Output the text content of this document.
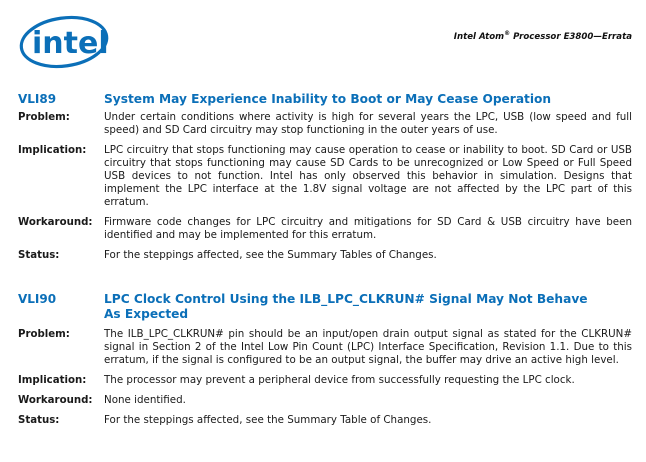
intel	Intel Atom® Processor E3800—Errata
VLI89	System May Experience Inability to Boot or May Cease Operation
Problem:	Under certain conditions where activity is high for several years the LPC, USB (low speed and full speed) and SD Card circuitry may stop functioning in the outer years of use.
Implication:	LPC circuitry that stops functioning may cause operation to cease or inability to boot. SD Card or USB circuitry that stops functioning may cause SD Cards to be unrecognized or Low Speed or Full Speed USB devices to not function. Intel has only observed this behavior in simulation. Designs that implement the LPC interface at the 1.8V signal voltage are not affected by the LPC part of this erratum.
Workaround:	Firmware code changes for LPC circuitry and mitigations for SD Card & USB circuitry have been identified and may be implemented for this erratum.
Status:	For the steppings affected, see the Summary Tables of Changes.
VLI90	LPC Clock Control Using the ILB_LPC_CLKRUN# Signal May Not Behave As Expected
Problem:	The ILB_LPC_CLKRUN# pin should be an input/open drain output signal as stated for the CLKRUN# signal in Section 2 of the Intel Low Pin Count (LPC) Interface Specification, Revision 1.1. Due to this erratum, if the signal is configured to be an output signal, the buffer may drive an active high level.
Implication:	The processor may prevent a peripheral device from successfully requesting the LPC clock.
Workaround:	None identified.
Status:	For the steppings affected, see the Summary Table of Changes.
